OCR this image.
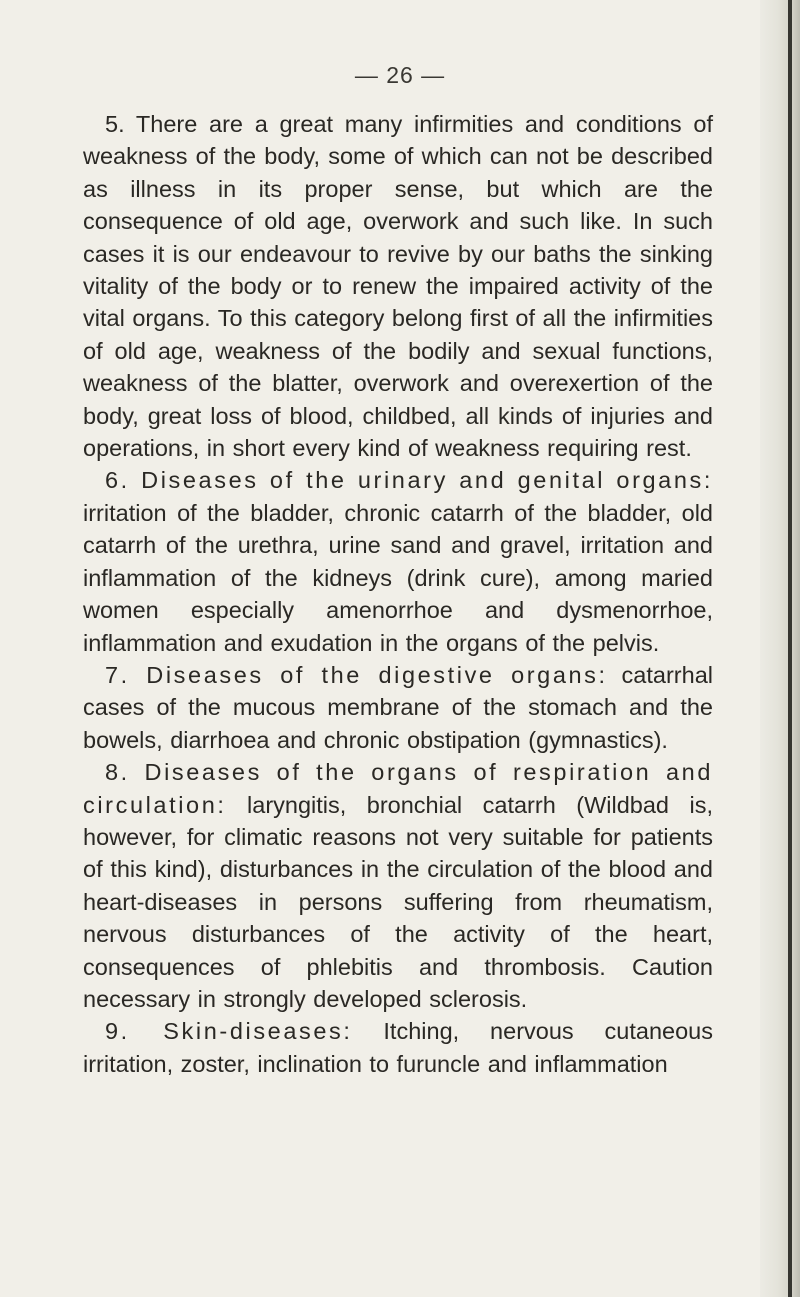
— 26 —

5. There are a great many infirmities and conditions of weakness of the body, some of which can not be described as illness in its proper sense, but which are the consequence of old age, overwork and such like. In such cases it is our endeavour to revive by our baths the sinking vitality of the body or to renew the impaired activity of the vital organs. To this category belong first of all the infirmities of old age, weakness of the bodily and sexual functions, weakness of the blatter, overwork and overexertion of the body, great loss of blood, childbed, all kinds of injuries and operations, in short every kind of weakness requiring rest.

6. Diseases of the urinary and genital organs: irritation of the bladder, chronic catarrh of the bladder, old catarrh of the urethra, urine sand and gravel, irritation and inflammation of the kidneys (drink cure), among maried women especially amenorrhoe and dysmenorrhoe, inflammation and exudation in the organs of the pelvis.

7. Diseases of the digestive organs: catarrhal cases of the mucous membrane of the stomach and the bowels, diarrhoea and chronic obstipation (gymnastics).

8. Diseases of the organs of respiration and circulation: laryngitis, bronchial catarrh (Wildbad is, however, for climatic reasons not very suitable for patients of this kind), disturbances in the circulation of the blood and heart-diseases in persons suffering from rheumatism, nervous disturbances of the activity of the heart, consequences of phlebitis and thrombosis. Caution necessary in strongly developed sclerosis.

9. Skin-diseases: Itching, nervous cutaneous irritation, zoster, inclination to furuncle and inflammation
